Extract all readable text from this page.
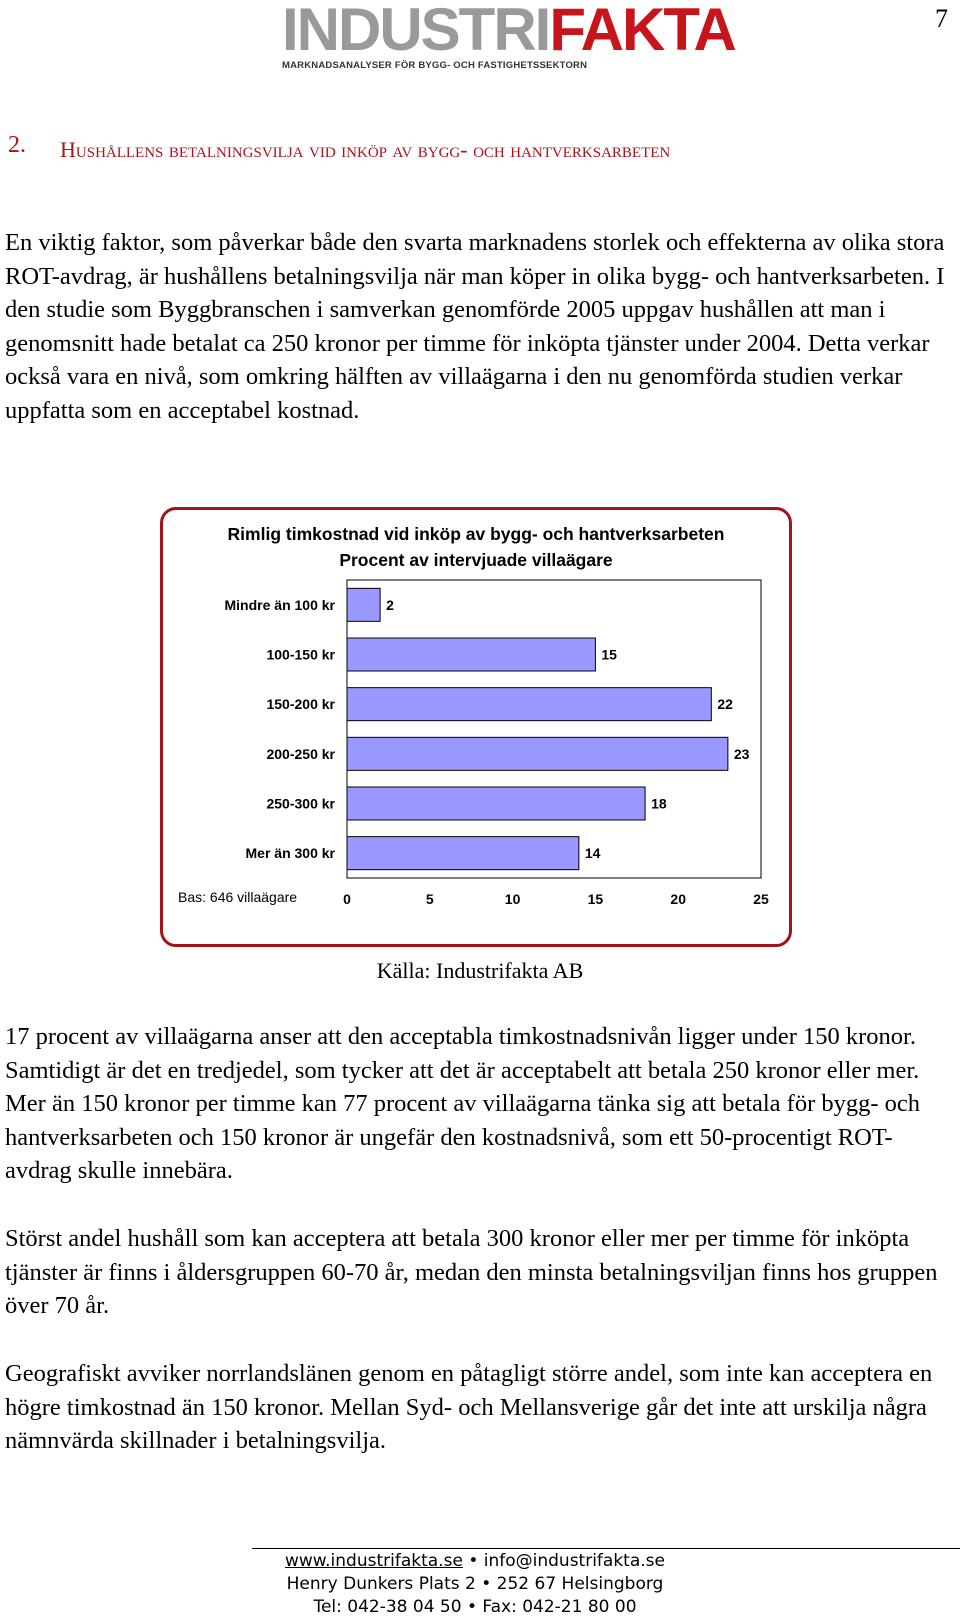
7
INDUSTRIFAKTA
MARKNADSANALYSER FÖR BYGG- OCH FASTIGHETSSEKTORN
2. Hushållens betalningsvilja vid inköp av bygg- och hantverksarbeten

En viktig faktor, som påverkar både den svarta marknadens storlek och effekterna av olika stora ROT-avdrag, är hushållens betalningsvilja när man köper in olika bygg- och hantverksarbeten. I den studie som Byggbranschen i samverkan genomförde 2005 uppgav hushållen att man i genomsnitt hade betalat ca 250 kronor per timme för inköpta tjänster under 2004. Detta verkar också vara en nivå, som omkring hälften av villaägarna i den nu genomförda studien verkar uppfatta som en acceptabel kostnad.

Rimlig timkostnad vid inköp av bygg- och hantverksarbeten
Procent av intervjuade villaägare
Mindre än 100 kr	2
100-150 kr	15
150-200 kr	22
200-250 kr	23
250-300 kr	18
Mer än 300 kr	14
0	5	10	15	20	25
Bas: 646 villaägare
Källa: Industrifakta AB

17 procent av villaägarna anser att den acceptabla timkostnadsnivån ligger under 150 kronor. Samtidigt är det en tredjedel, som tycker att det är acceptabelt att betala 250 kronor eller mer. Mer än 150 kronor per timme kan 77 procent av villaägarna tänka sig att betala för bygg- och hantverksarbeten och 150 kronor är ungefär den kostnadsnivå, som ett 50-procentigt ROT-avdrag skulle innebära.

Störst andel hushåll som kan acceptera att betala 300 kronor eller mer per timme för inköpta tjänster är finns i åldersgruppen 60-70 år, medan den minsta betalningsviljan finns hos gruppen över 70 år.

Geografiskt avviker norrlandslänen genom en påtagligt större andel, som inte kan acceptera en högre timkostnad än 150 kronor. Mellan Syd- och Mellansverige går det inte att urskilja några nämnvärda skillnader i betalningsvilja.

www.industrifakta.se • info@industrifakta.se
Henry Dunkers Plats 2 • 252 67 Helsingborg
Tel: 042-38 04 50 • Fax: 042-21 80 00
